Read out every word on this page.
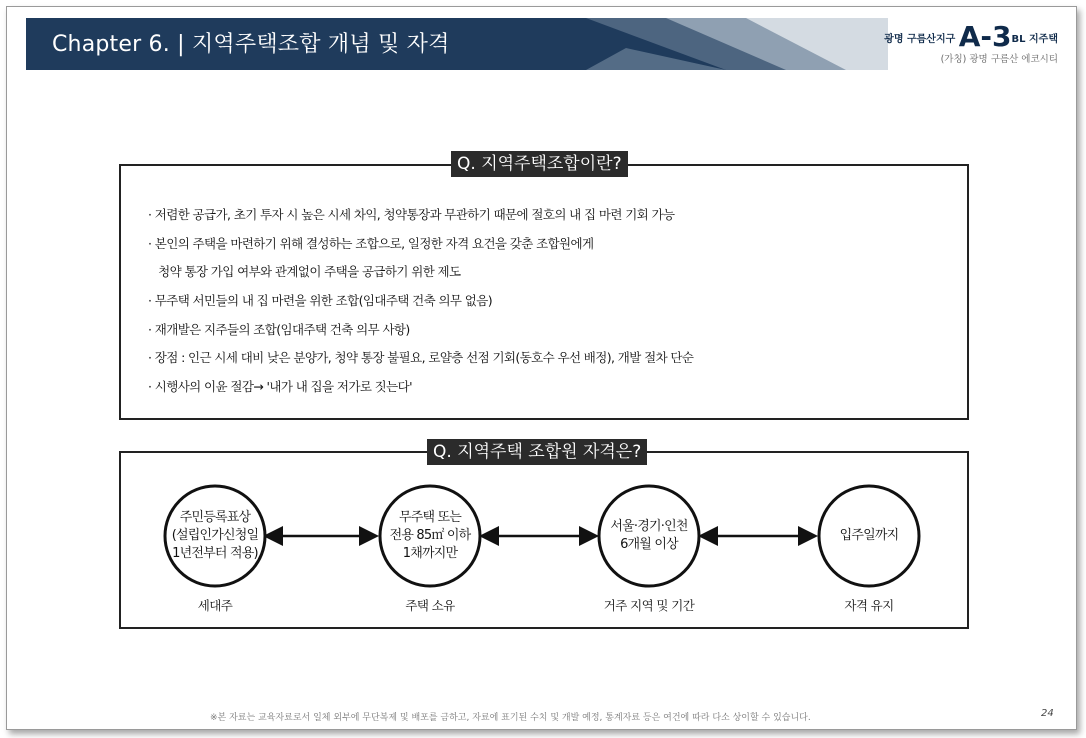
Chapter 6. | 지역주택조합 개념 및 자격	광명 구름산지구 A-3BL 지주택
(가칭) 광명 구름산 에코시티
Q. 지역주택조합이란?
· 저렴한 공급가, 초기 투자 시 높은 시세 차익, 청약통장과 무관하기 때문에 절호의 내 집 마련 기회 가능
· 본인의 주택을 마련하기 위해 결성하는 조합으로, 일정한 자격 요건을 갖춘 조합원에게
청약 통장 가입 여부와 관계없이 주택을 공급하기 위한 제도
· 무주택 서민들의 내 집 마련을 위한 조합(임대주택 건축 의무 없음)
· 재개발은 지주들의 조합(임대주택 건축 의무 사항)
· 장점 : 인근 시세 대비 낮은 분양가, 청약 통장 불필요, 로얄층 선점 기회(동호수 우선 배정), 개발 절차 단순
· 시행사의 이윤 절감→ '내가 내 집을 저가로 짓는다'
Q. 지역주택 조합원 자격은?
주민등록표상
(설립인가신청일
1년전부터 적용)
무주택 또는
전용 85㎡ 이하
1채까지만
서울·경기·인천
6개월 이상
입주일까지
세대주	주택 소유	거주 지역 및 기간	자격 유지
※본 자료는 교육자료로서 일체 외부에 무단복제 및 배포를 금하고, 자료에 표기된 수치 및 개발 예정, 통계자료 등은 여건에 따라 다소 상이할 수 있습니다.	24
